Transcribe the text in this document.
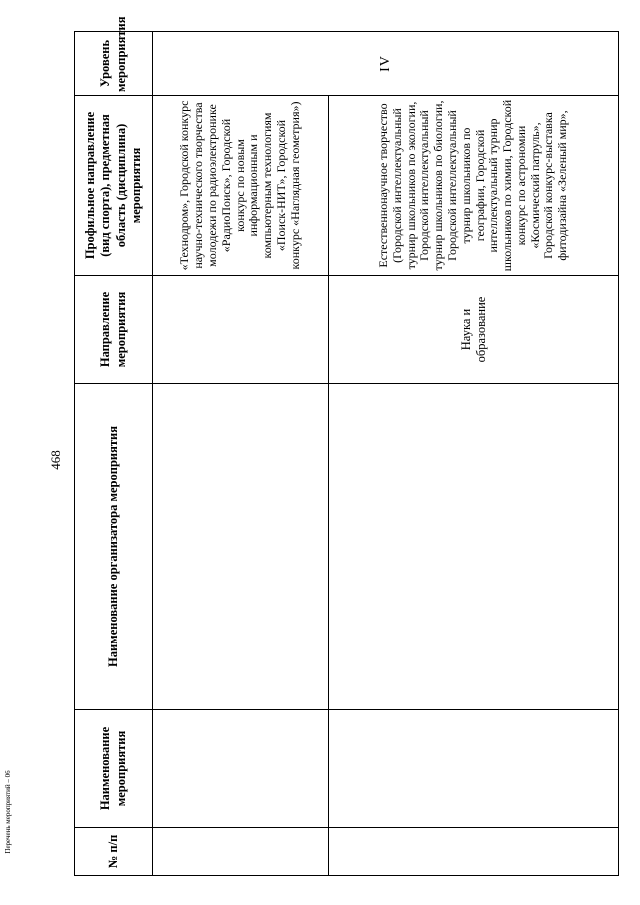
468
Перечень мероприятий – 06	№ п/п	Наименование мероприятия	Наименование организатора мероприятия	Направление мероприятия	Профильное направление (вид спорта), предметная область (дисциплина) мероприятия	Уровень мероприятия
				«Технодром», Городской конкурс научно-технического творчества молодежи по радиоэлектронике «РадиоПоиск», Городской конкурс по новым информационным и компьютерным технологиям «Поиск-НИТ», Городской конкурс «Наглядная геометрия»)	IV
			Наука и образование	Естественнонаучное творчество (Городской интеллектуальный турнир школьников по экологии, Городской интеллектуальный турнир школьников по биологии, Городской интеллектуальный турнир школьников по географии, Городской интеллектуальный турнир школьников по химии, Городской конкурс по астрономии «Космический патруль», Городской конкурс-выставка фитодизайна «Зеленый мир»,	
